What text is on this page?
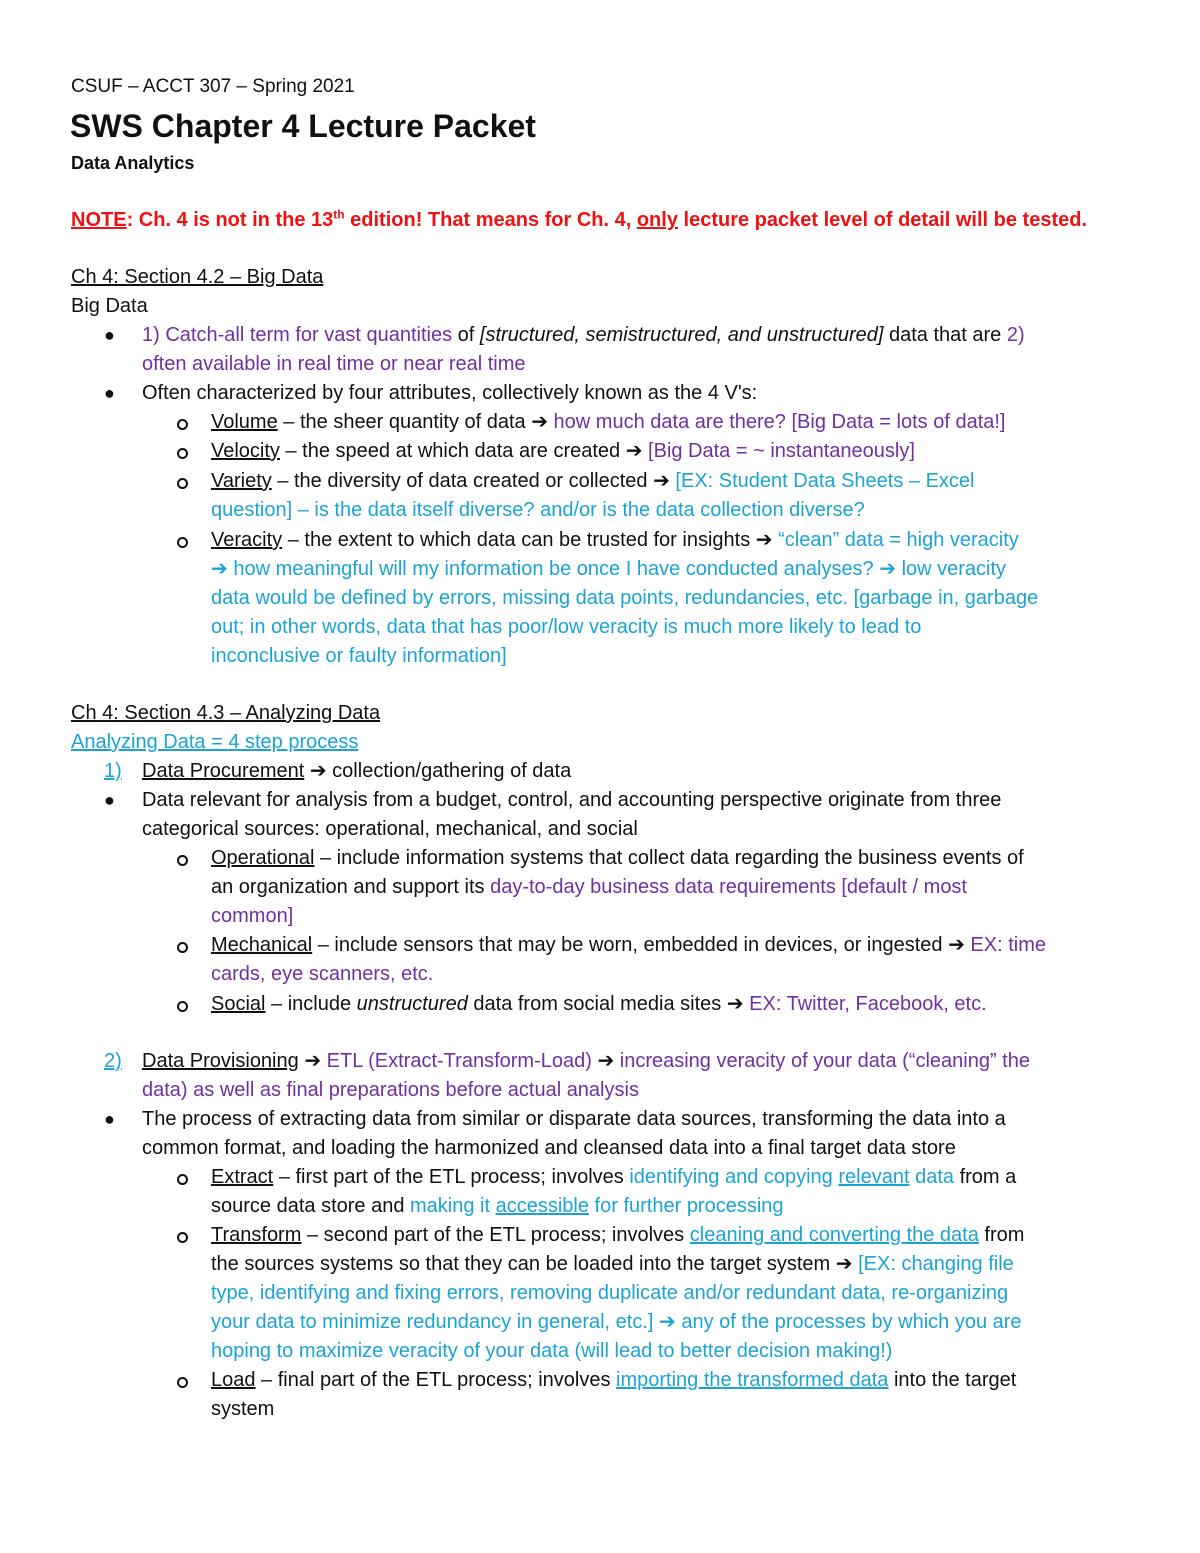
CSUF – ACCT 307 – Spring 2021
SWS Chapter 4 Lecture Packet
Data Analytics
NOTE: Ch. 4 is not in the 13th edition! That means for Ch. 4, only lecture packet level of detail will be tested.
Ch 4: Section 4.2 – Big Data
Big Data
● 1) Catch-all term for vast quantities of [structured, semistructured, and unstructured] data that are 2)
often available in real time or near real time
● Often characterized by four attributes, collectively known as the 4 V's:
Volume – the sheer quantity of data ➔ how much data are there? [Big Data = lots of data!]
Velocity – the speed at which data are created ➔ [Big Data = ~ instantaneously]
Variety – the diversity of data created or collected ➔ [EX: Student Data Sheets – Excel
question] – is the data itself diverse? and/or is the data collection diverse?
Veracity – the extent to which data can be trusted for insights ➔ “clean” data = high veracity
➔ how meaningful will my information be once I have conducted analyses? ➔ low veracity
data would be defined by errors, missing data points, redundancies, etc. [garbage in, garbage
out; in other words, data that has poor/low veracity is much more likely to lead to
inconclusive or faulty information]
Ch 4: Section 4.3 – Analyzing Data
Analyzing Data = 4 step process
1) Data Procurement ➔ collection/gathering of data
● Data relevant for analysis from a budget, control, and accounting perspective originate from three
categorical sources: operational, mechanical, and social
Operational – include information systems that collect data regarding the business events of
an organization and support its day-to-day business data requirements [default / most
common]
Mechanical – include sensors that may be worn, embedded in devices, or ingested ➔ EX: time
cards, eye scanners, etc.
Social – include unstructured data from social media sites ➔ EX: Twitter, Facebook, etc.
2) Data Provisioning ➔ ETL (Extract-Transform-Load) ➔ increasing veracity of your data (“cleaning” the
data) as well as final preparations before actual analysis
● The process of extracting data from similar or disparate data sources, transforming the data into a
common format, and loading the harmonized and cleansed data into a final target data store
Extract – first part of the ETL process; involves identifying and copying relevant data from a
source data store and making it accessible for further processing
Transform – second part of the ETL process; involves cleaning and converting the data from
the sources systems so that they can be loaded into the target system ➔ [EX: changing file
type, identifying and fixing errors, removing duplicate and/or redundant data, re-organizing
your data to minimize redundancy in general, etc.] ➔ any of the processes by which you are
hoping to maximize veracity of your data (will lead to better decision making!)
Load – final part of the ETL process; involves importing the transformed data into the target
system
